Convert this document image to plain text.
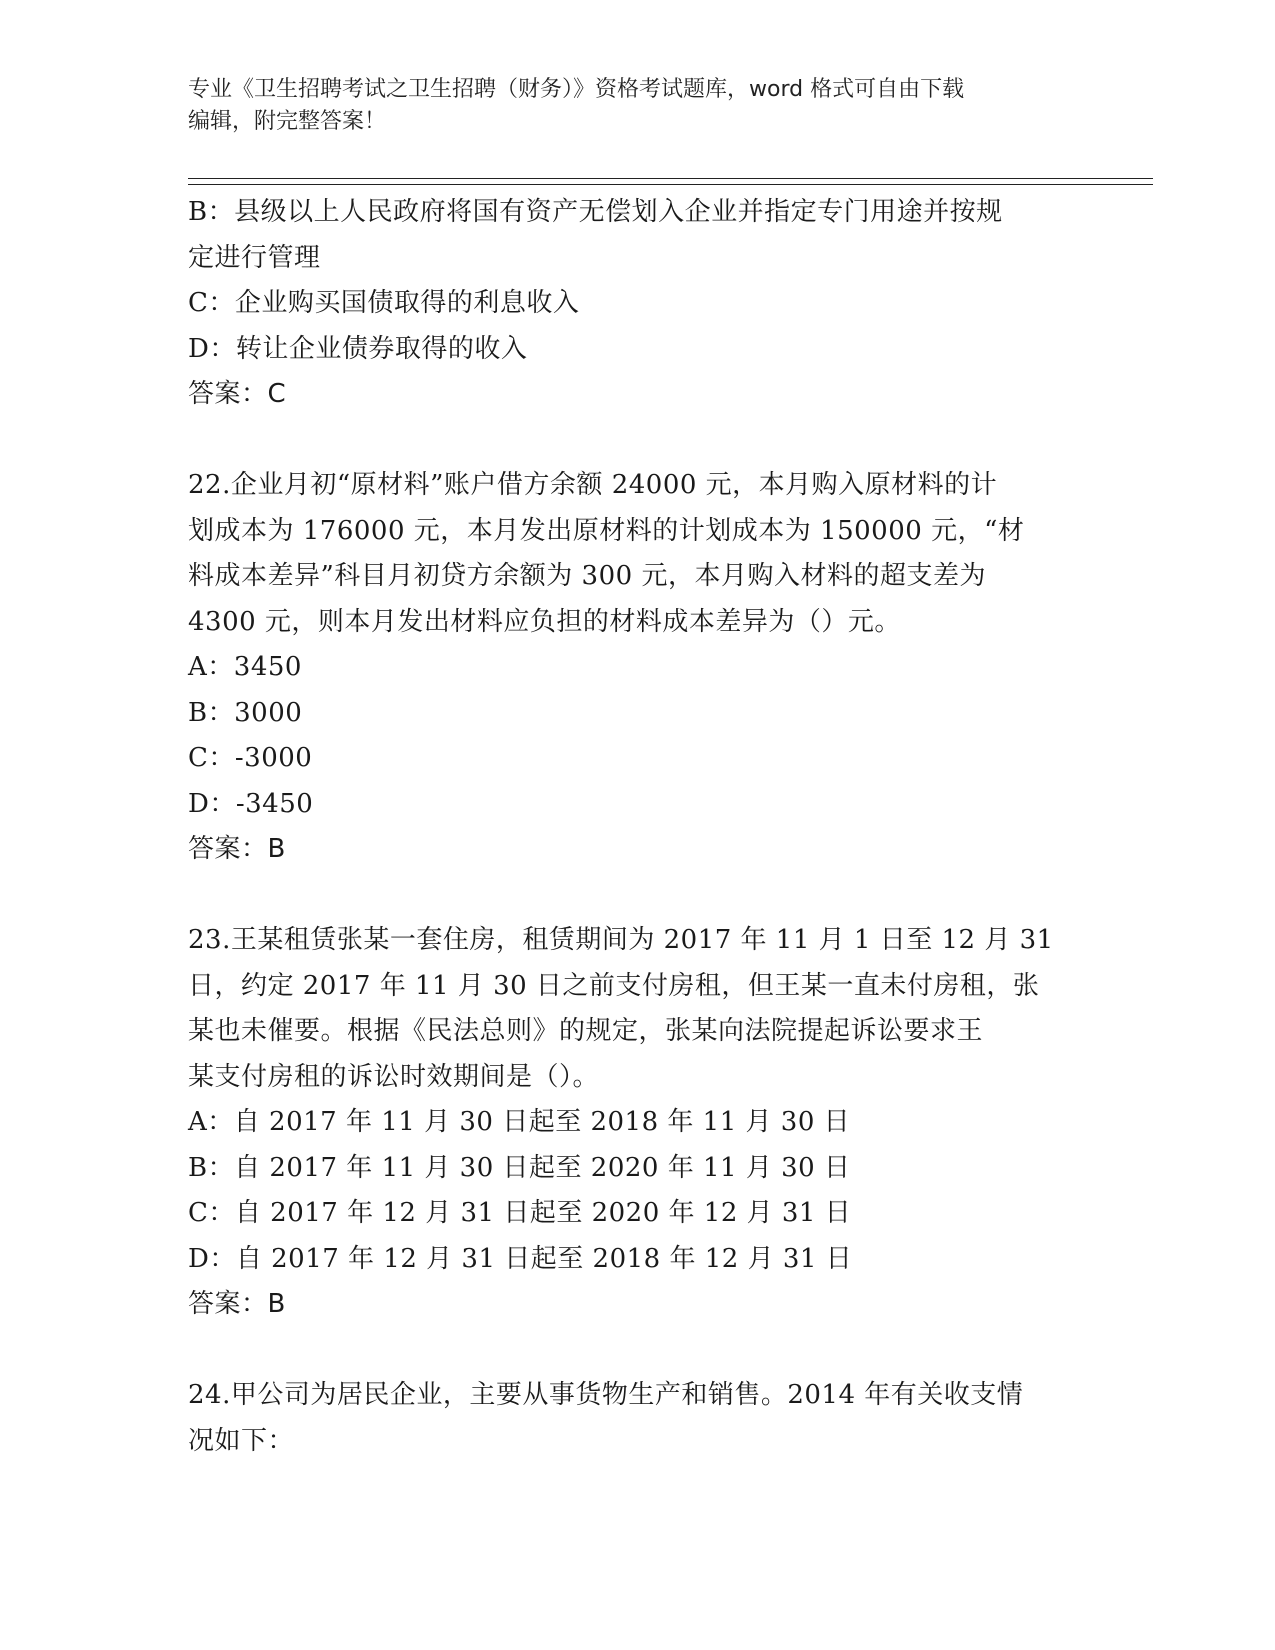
专业《卫生招聘考试之卫生招聘（财务）》资格考试题库，word 格式可自由下载
编辑，附完整答案！
B：县级以上人民政府将国有资产无偿划入企业并指定专门用途并按规
定进行管理
C：企业购买国债取得的利息收入
D：转让企业债券取得的收入
答案：C
22.企业月初“原材料”账户借方余额 24000 元，本月购入原材料的计
划成本为 176000 元，本月发出原材料的计划成本为 150000 元，“材
料成本差异”科目月初贷方余额为 300 元，本月购入材料的超支差为
4300 元，则本月发出材料应负担的材料成本差异为（）元。
A：3450
B：3000
C：-3000
D：-3450
答案：B
23.王某租赁张某一套住房，租赁期间为 2017 年 11 月 1 日至 12 月 31
日，约定 2017 年 11 月 30 日之前支付房租，但王某一直未付房租，张
某也未催要。根据《民法总则》的规定，张某向法院提起诉讼要求王
某支付房租的诉讼时效期间是（）。
A：自 2017 年 11 月 30 日起至 2018 年 11 月 30 日
B：自 2017 年 11 月 30 日起至 2020 年 11 月 30 日
C：自 2017 年 12 月 31 日起至 2020 年 12 月 31 日
D：自 2017 年 12 月 31 日起至 2018 年 12 月 31 日
答案：B
24.甲公司为居民企业，主要从事货物生产和销售。2014 年有关收支情
况如下：
